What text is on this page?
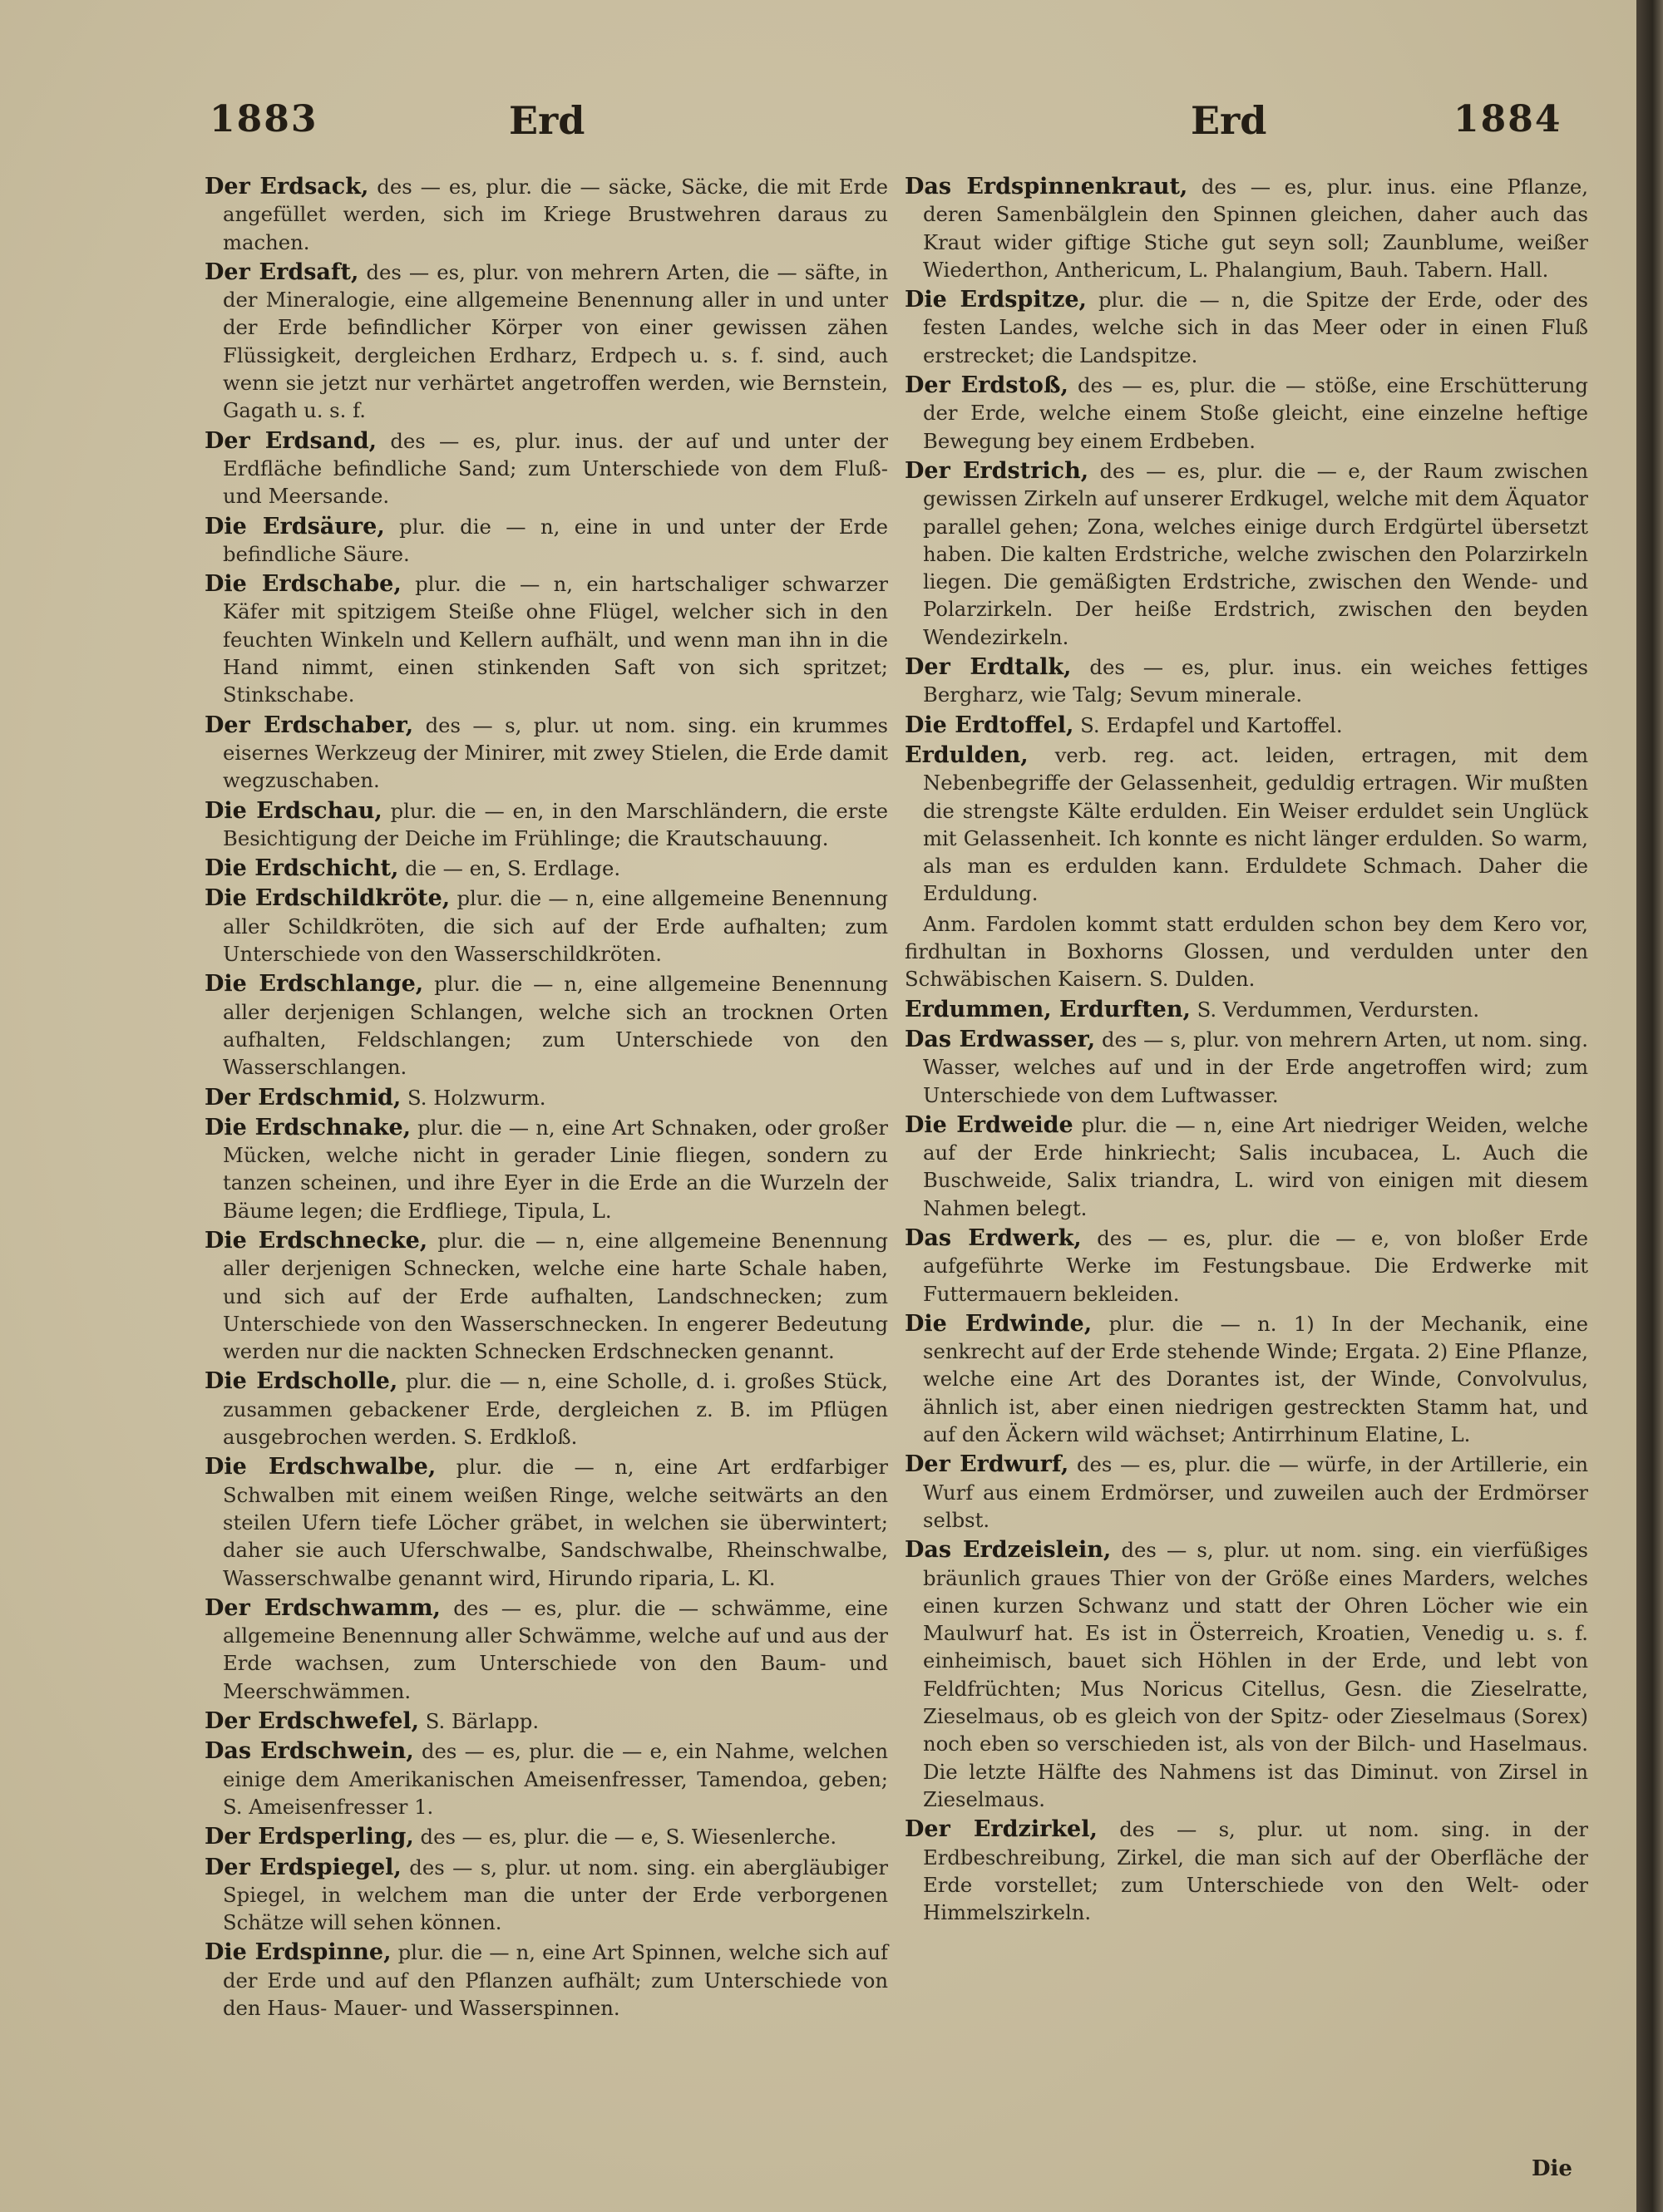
1883	Erd	Erd	1884
Der Erdsack, des — es, plur. die — säcke, Säcke, die mit Erde angefüllet werden, sich im Kriege Brustwehren daraus zu machen.
Der Erdsaft, des — es, plur. von mehrern Arten, die — säfte, in der Mineralogie, eine allgemeine Benennung aller in und unter der Erde befindlicher Körper von einer gewissen zähen Flüssigkeit, dergleichen Erdharz, Erdpech u. s. f. sind, auch wenn sie jetzt nur verhärtet angetroffen werden, wie Bernstein, Gagath u. s. f.
Der Erdsand, des — es, plur. inus. der auf und unter der Erdfläche befindliche Sand; zum Unterschiede von dem Fluß- und Meersande.
Die Erdsäure, plur. die — n, eine in und unter der Erde befindliche Säure.
Die Erdschabe, plur. die — n, ein hartschaliger schwarzer Käfer mit spitzigem Steiße ohne Flügel, welcher sich in den feuchten Winkeln und Kellern aufhält, und wenn man ihn in die Hand nimmt, einen stinkenden Saft von sich spritzet; Stinkschabe.
Der Erdschaber, des — s, plur. ut nom. sing. ein krummes eisernes Werkzeug der Minirer, mit zwey Stielen, die Erde damit wegzuschaben.
Die Erdschau, plur. die — en, in den Marschländern, die erste Besichtigung der Deiche im Frühlinge; die Krautschauung.
Die Erdschicht, die — en, S. Erdlage.
Die Erdschildkröte, plur. die — n, eine allgemeine Benennung aller Schildkröten, die sich auf der Erde aufhalten; zum Unterschiede von den Wasserschildkröten.
Die Erdschlange, plur. die — n, eine allgemeine Benennung aller derjenigen Schlangen, welche sich an trocknen Orten aufhalten, Feldschlangen; zum Unterschiede von den Wasserschlangen.
Der Erdschmid, S. Holzwurm.
Die Erdschnake, plur. die — n, eine Art Schnaken, oder großer Mücken, welche nicht in gerader Linie fliegen, sondern zu tanzen scheinen, und ihre Eyer in die Erde an die Wurzeln der Bäume legen; die Erdfliege, Tipula, L.
Die Erdschnecke, plur. die — n, eine allgemeine Benennung aller derjenigen Schnecken, welche eine harte Schale haben, und sich auf der Erde aufhalten, Landschnecken; zum Unterschiede von den Wasserschnecken. In engerer Bedeutung werden nur die nackten Schnecken Erdschnecken genannt.
Die Erdscholle, plur. die — n, eine Scholle, d. i. großes Stück, zusammen gebackener Erde, dergleichen z. B. im Pflügen ausgebrochen werden. S. Erdkloß.
Die Erdschwalbe, plur. die — n, eine Art erdfarbiger Schwalben mit einem weißen Ringe, welche seitwärts an den steilen Ufern tiefe Löcher gräbet, in welchen sie überwintert; daher sie auch Uferschwalbe, Sandschwalbe, Rheinschwalbe, Wasserschwalbe genannt wird, Hirundo riparia, L. Kl.
Der Erdschwamm, des — es, plur. die — schwämme, eine allgemeine Benennung aller Schwämme, welche auf und aus der Erde wachsen, zum Unterschiede von den Baum- und Meerschwämmen.
Der Erdschwefel, S. Bärlapp.
Das Erdschwein, des — es, plur. die — e, ein Nahme, welchen einige dem Amerikanischen Ameisenfresser, Tamendoa, geben; S. Ameisenfresser 1.
Der Erdsperling, des — es, plur. die — e, S. Wiesenlerche.
Der Erdspiegel, des — s, plur. ut nom. sing. ein abergläubiger Spiegel, in welchem man die unter der Erde verborgenen Schätze will sehen können.
Die Erdspinne, plur. die — n, eine Art Spinnen, welche sich auf der Erde und auf den Pflanzen aufhält; zum Unterschiede von den Haus- Mauer- und Wasserspinnen.
Das Erdspinnenkraut, des — es, plur. inus. eine Pflanze, deren Samenbälglein den Spinnen gleichen, daher auch das Kraut wider giftige Stiche gut seyn soll; Zaunblume, weißer Wiederthon, Anthericum, L. Phalangium, Bauh. Tabern. Hall.
Die Erdspitze, plur. die — n, die Spitze der Erde, oder des festen Landes, welche sich in das Meer oder in einen Fluß erstrecket; die Landspitze.
Der Erdstoß, des — es, plur. die — stöße, eine Erschütterung der Erde, welche einem Stoße gleicht, eine einzelne heftige Bewegung bey einem Erdbeben.
Der Erdstrich, des — es, plur. die — e, der Raum zwischen gewissen Zirkeln auf unserer Erdkugel, welche mit dem Äquator parallel gehen; Zona, welches einige durch Erdgürtel übersetzt haben. Die kalten Erdstriche, welche zwischen den Polarzirkeln liegen. Die gemäßigten Erdstriche, zwischen den Wende- und Polarzirkeln. Der heiße Erdstrich, zwischen den beyden Wendezirkeln.
Der Erdtalk, des — es, plur. inus. ein weiches fettiges Bergharz, wie Talg; Sevum minerale.
Die Erdtoffel, S. Erdapfel und Kartoffel.
Erdulden, verb. reg. act. leiden, ertragen, mit dem Nebenbegriffe der Gelassenheit, geduldig ertragen. Wir mußten die strengste Kälte erdulden. Ein Weiser erduldet sein Unglück mit Gelassenheit. Ich konnte es nicht länger erdulden. So warm, als man es erdulden kann. Erduldete Schmach. Daher die Erduldung.
Anm. Fardolen kommt statt erdulden schon bey dem Kero vor, firdhultan in Boxhorns Glossen, und verdulden unter den Schwäbischen Kaisern. S. Dulden.
Erdummen, Erdurften, S. Verdummen, Verdursten.
Das Erdwasser, des — s, plur. von mehrern Arten, ut nom. sing. Wasser, welches auf und in der Erde angetroffen wird; zum Unterschiede von dem Luftwasser.
Die Erdweide plur. die — n, eine Art niedriger Weiden, welche auf der Erde hinkriecht; Salis incubacea, L. Auch die Buschweide, Salix triandra, L. wird von einigen mit diesem Nahmen belegt.
Das Erdwerk, des — es, plur. die — e, von bloßer Erde aufgeführte Werke im Festungsbaue. Die Erdwerke mit Futtermauern bekleiden.
Die Erdwinde, plur. die — n. 1) In der Mechanik, eine senkrecht auf der Erde stehende Winde; Ergata. 2) Eine Pflanze, welche eine Art des Dorantes ist, der Winde, Convolvulus, ähnlich ist, aber einen niedrigen gestreckten Stamm hat, und auf den Äckern wild wächset; Antirrhinum Elatine, L.
Der Erdwurf, des — es, plur. die — würfe, in der Artillerie, ein Wurf aus einem Erdmörser, und zuweilen auch der Erdmörser selbst.
Das Erdzeislein, des — s, plur. ut nom. sing. ein vierfüßiges bräunlich graues Thier von der Größe eines Marders, welches einen kurzen Schwanz und statt der Ohren Löcher wie ein Maulwurf hat. Es ist in Österreich, Kroatien, Venedig u. s. f. einheimisch, bauet sich Höhlen in der Erde, und lebt von Feldfrüchten; Mus Noricus Citellus, Gesn. die Zieselratte, Zieselmaus, ob es gleich von der Spitz- oder Zieselmaus (Sorex) noch eben so verschieden ist, als von der Bilch- und Haselmaus. Die letzte Hälfte des Nahmens ist das Diminut. von Zirsel in Zieselmaus.
Der Erdzirkel, des — s, plur. ut nom. sing. in der Erdbeschreibung, Zirkel, die man sich auf der Oberfläche der Erde vorstellet; zum Unterschiede von den Welt- oder Himmelszirkeln.
Die
